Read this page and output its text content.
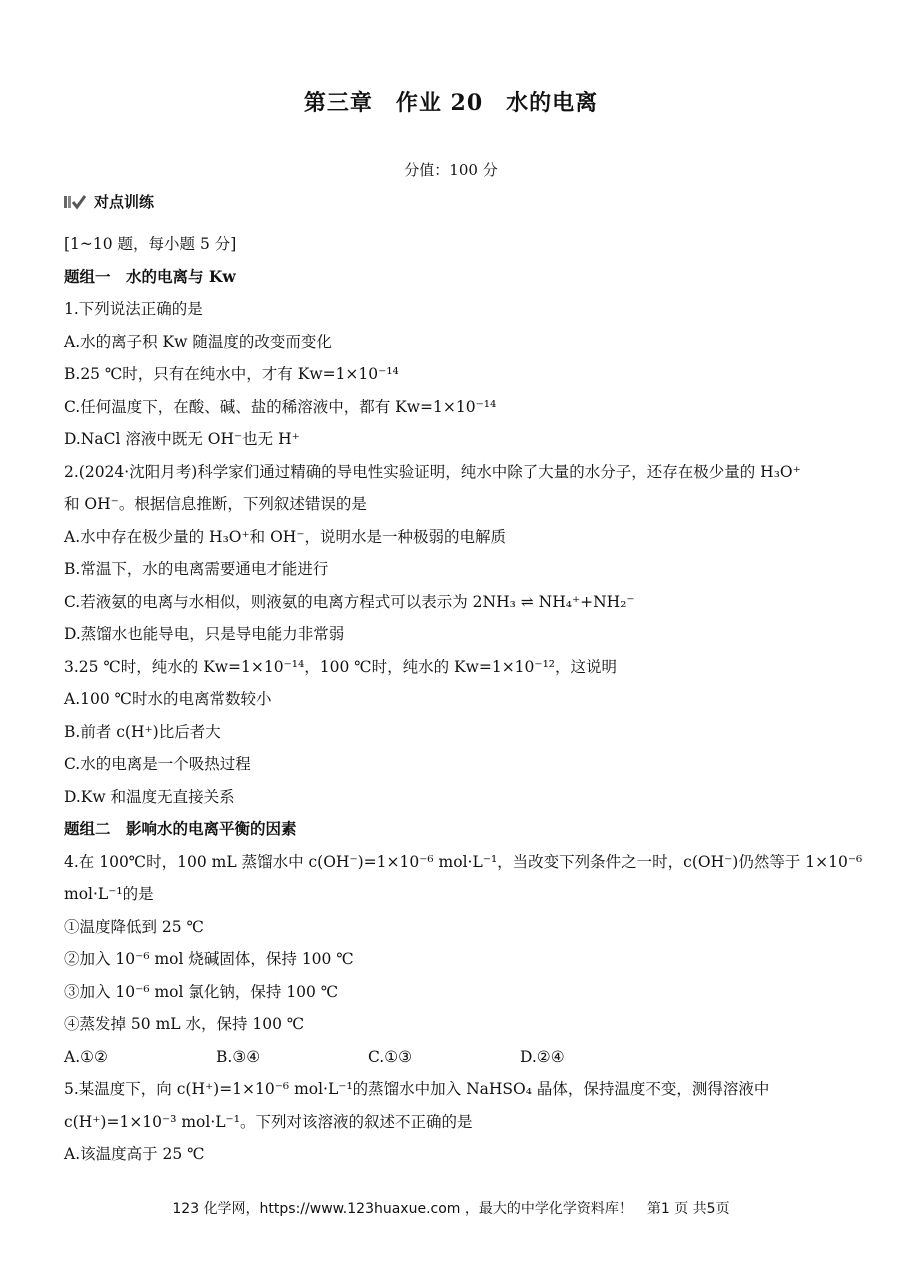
第三章　作业 20　水的电离
分值：100 分
对点训练
[1~10 题，每小题 5 分]
题组一　水的电离与 Kw
1.下列说法正确的是
A.水的离子积 Kw 随温度的改变而变化
B.25 ℃时，只有在纯水中，才有 Kw=1×10⁻¹⁴
C.任何温度下，在酸、碱、盐的稀溶液中，都有 Kw=1×10⁻¹⁴
D.NaCl 溶液中既无 OH⁻也无 H⁺
2.(2024·沈阳月考)科学家们通过精确的导电性实验证明，纯水中除了大量的水分子，还存在极少量的 H₃O⁺
和 OH⁻。根据信息推断，下列叙述错误的是
A.水中存在极少量的 H₃O⁺和 OH⁻，说明水是一种极弱的电解质
B.常温下，水的电离需要通电才能进行
C.若液氨的电离与水相似，则液氨的电离方程式可以表示为 2NH₃ ⇌ NH₄⁺+NH₂⁻
D.蒸馏水也能导电，只是导电能力非常弱
3.25 ℃时，纯水的 Kw=1×10⁻¹⁴，100 ℃时，纯水的 Kw=1×10⁻¹²，这说明
A.100 ℃时水的电离常数较小
B.前者 c(H⁺)比后者大
C.水的电离是一个吸热过程
D.Kw 和温度无直接关系
题组二　影响水的电离平衡的因素
4.在 100℃时，100 mL 蒸馏水中 c(OH⁻)=1×10⁻⁶ mol·L⁻¹，当改变下列条件之一时，c(OH⁻)仍然等于 1×10⁻⁶
mol·L⁻¹的是
①温度降低到 25 ℃
②加入 10⁻⁶ mol 烧碱固体，保持 100 ℃
③加入 10⁻⁶ mol 氯化钠，保持 100 ℃
④蒸发掉 50 mL 水，保持 100 ℃
A.①②	B.③④	C.①③	D.②④
5.某温度下，向 c(H⁺)=1×10⁻⁶ mol·L⁻¹的蒸馏水中加入 NaHSO₄ 晶体，保持温度不变，测得溶液中
c(H⁺)=1×10⁻³ mol·L⁻¹。下列对该溶液的叙述不正确的是
A.该温度高于 25 ℃
123 化学网，https://www.123huaxue.com ，最大的中学化学资料库！　第1 页 共5页
